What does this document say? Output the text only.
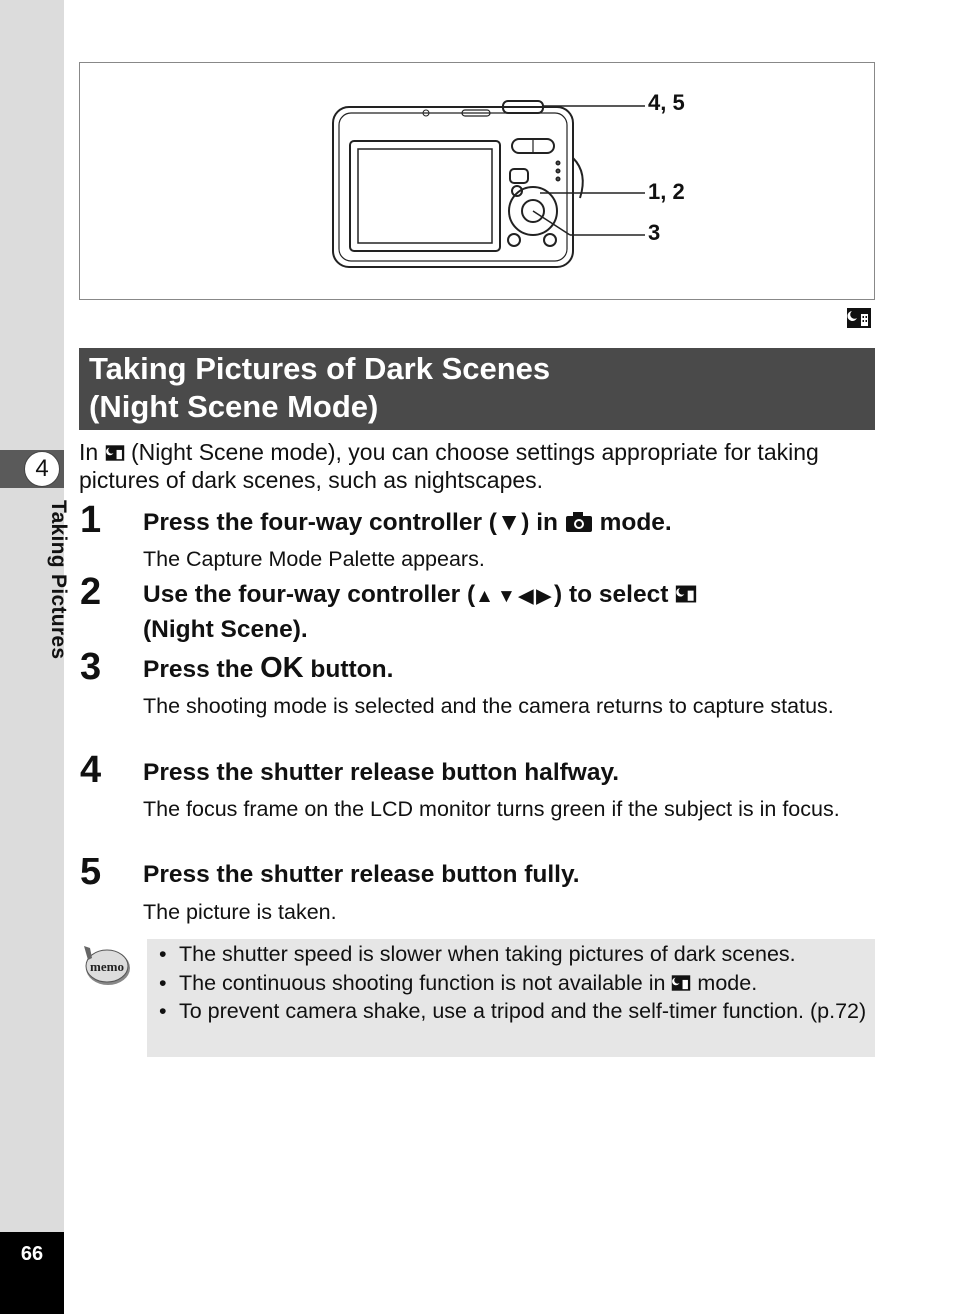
4
Taking Pictures
66
4, 5
1, 2
3
Taking Pictures of Dark Scenes
(Night Scene Mode)
In  (Night Scene mode), you can choose settings appropriate for taking pictures of dark scenes, such as nightscapes.
1 Press the four-way controller (▼) in  mode.
The Capture Mode Palette appears.
2 Use the four-way controller (▲▼◀▶) to select
(Night Scene).
3 Press the OK button.
The shooting mode is selected and the camera returns to capture status.
4 Press the shutter release button halfway.
The focus frame on the LCD monitor turns green if the subject is in focus.
5 Press the shutter release button fully.
The picture is taken.
memo
• The shutter speed is slower when taking pictures of dark scenes.
• The continuous shooting function is not available in  mode.
• To prevent camera shake, use a tripod and the self-timer function. (p.72)
